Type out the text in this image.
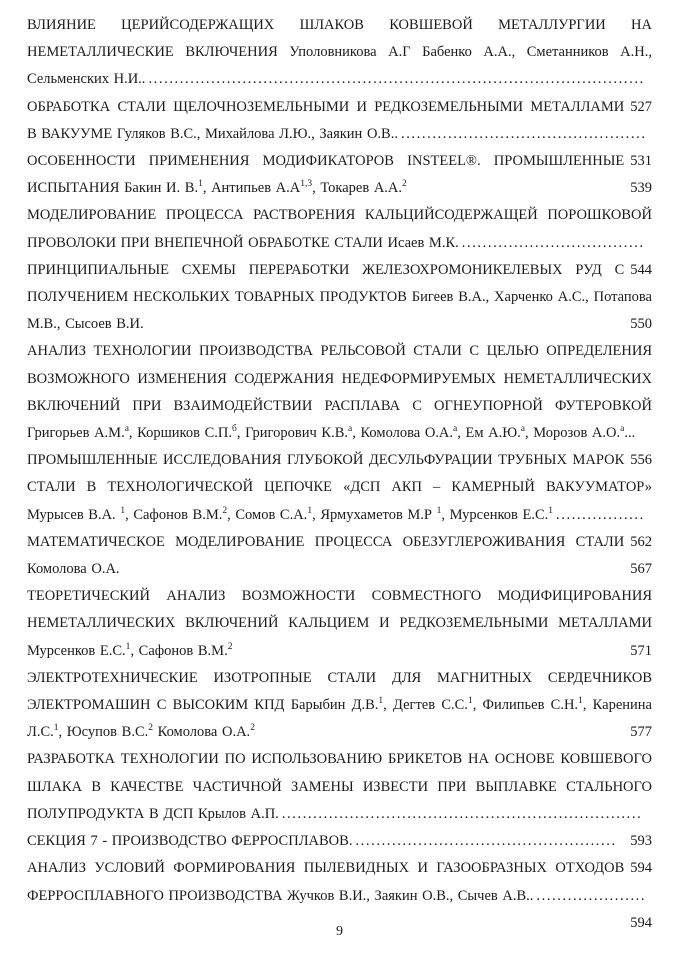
ВЛИЯНИЕ ЦЕРИЙСОДЕРЖАЩИХ ШЛАКОВ КОВШЕВОЙ МЕТАЛЛУРГИИ НА НЕМЕТАЛЛИЧЕСКИЕ ВКЛЮЧЕНИЯ Уполовникова А.Г Бабенко А.А., Сметанников А.Н., Сельменских Н.И.. ...............................................................................................
527

ОБРАБОТКА СТАЛИ ЩЕЛОЧНОЗЕМЕЛЬНЫМИ И РЕДКОЗЕМЕЛЬНЫМИ МЕТАЛЛАМИ В ВАКУУМЕ Гуляков В.С., Михайлова Л.Ю., Заякин О.В.. ...............................................
531

ОСОБЕННОСТИ ПРИМЕНЕНИЯ МОДИФИКАТОРОВ INSTEEL®. ПРОМЫШЛЕННЫЕ ИСПЫТАНИЯ Бакин И. В.$^1$, Антипьев $А.А^{1,3}$, Токарев А.А.$^2$	539

МОДЕЛИРОВАНИЕ ПРОЦЕССА РАСТВОРЕНИЯ КАЛЬЦИЙСОДЕРЖАЩЕЙ ПОРОШКОВОЙ ПРОВОЛОКИ ПРИ ВНЕПЕЧНОЙ ОБРАБОТКЕ СТАЛИ Исаев М.К. ...................................
544

ПРИНЦИПИАЛЬНЫЕ СХЕМЫ ПЕРЕРАБОТКИ ЖЕЛЕЗОХРОМОНИКЕЛЕВЫХ РУД С ПОЛУЧЕНИЕМ НЕСКОЛЬКИХ ТОВАРНЫХ ПРОДУКТОВ Бигеев В.А., Харченко А.С., Потапова М.В., Сысоев В.И.	550

АНАЛИЗ ТЕХНОЛОГИИ ПРОИЗВОДСТВА РЕЛЬСОВОЙ СТАЛИ С ЦЕЛЬЮ ОПРЕДЕЛЕНИЯ ВОЗМОЖНОГО ИЗМЕНЕНИЯ СОДЕРЖАНИЯ НЕДЕФОРМИРУЕМЫХ НЕМЕТАЛЛИЧЕСКИХ ВКЛЮЧЕНИЙ ПРИ ВЗАИМОДЕЙСТВИИ РАСПЛАВА С ОГНЕУПОРНОЙ ФУТЕРОВКОЙ Григорьев А.М.$^а$, Коршиков С.П.$^б$, Григорович К.В.$^а$, Комолова О.А.$^а$, Ем А.Ю.$^а$, Морозов А.О.$^а$...
556

ПРОМЫШЛЕННЫЕ ИССЛЕДОВАНИЯ ГЛУБОКОЙ ДЕСУЛЬФУРАЦИИ ТРУБНЫХ МАРОК СТАЛИ В ТЕХНОЛОГИЧЕСКОЙ ЦЕПОЧКЕ «ДСП АКП – КАМЕРНЫЙ ВАКУУМАТОР» Мурысев В.А. $^1$, Сафонов В.М.$^2$, Сомов С.А.$^1$, Ярмухаметов М.Р $^1$, Мурсенков Е.С.$^1$ .................
562

МАТЕМАТИЧЕСКОЕ МОДЕЛИРОВАНИЕ ПРОЦЕССА ОБЕЗУГЛЕРОЖИВАНИЯ СТАЛИ Комолова О.А.	567

ТЕОРЕТИЧЕСКИЙ АНАЛИЗ ВОЗМОЖНОСТИ СОВМЕСТНОГО МОДИФИЦИРОВАНИЯ НЕМЕТАЛЛИЧЕСКИХ ВКЛЮЧЕНИЙ КАЛЬЦИЕМ И РЕДКОЗЕМЕЛЬНЫМИ МЕТАЛЛАМИ Мурсенков Е.С.$^1$, Сафонов В.М.$^2$	571

ЭЛЕКТРОТЕХНИЧЕСКИЕ ИЗОТРОПНЫЕ СТАЛИ ДЛЯ МАГНИТНЫХ СЕРДЕЧНИКОВ ЭЛЕКТРОМАШИН С ВЫСОКИМ КПД Барыбин Д.В.$^1$, Дегтев С.С.$^1$, Филипьев С.Н.$^1$, Каренина Л.С.$^1$, Юсупов В.С.$^2$ Комолова О.А.$^2$	577

РАЗРАБОТКА ТЕХНОЛОГИИ ПО ИСПОЛЬЗОВАНИЮ БРИКЕТОВ НА ОСНОВЕ КОВШЕВОГО ШЛАКА В КАЧЕСТВЕ ЧАСТИЧНОЙ ЗАМЕНЫ ИЗВЕСТИ ПРИ ВЫПЛАВКЕ СТАЛЬНОГО ПОЛУПРОДУКТА В ДСП Крылов А.П. .....................................................................
593

СЕКЦИЯ 7 - ПРОИЗВОДСТВО ФЕРРОСПЛАВОВ. ..................................................
594

АНАЛИЗ УСЛОВИЙ ФОРМИРОВАНИЯ ПЫЛЕВИДНЫХ И ГАЗООБРАЗНЫХ ОТХОДОВ ФЕРРОСПЛАВНОГО ПРОИЗВОДСТВА Жучков В.И., Заякин О.В., Сычев А.В.. .....................
594

9
